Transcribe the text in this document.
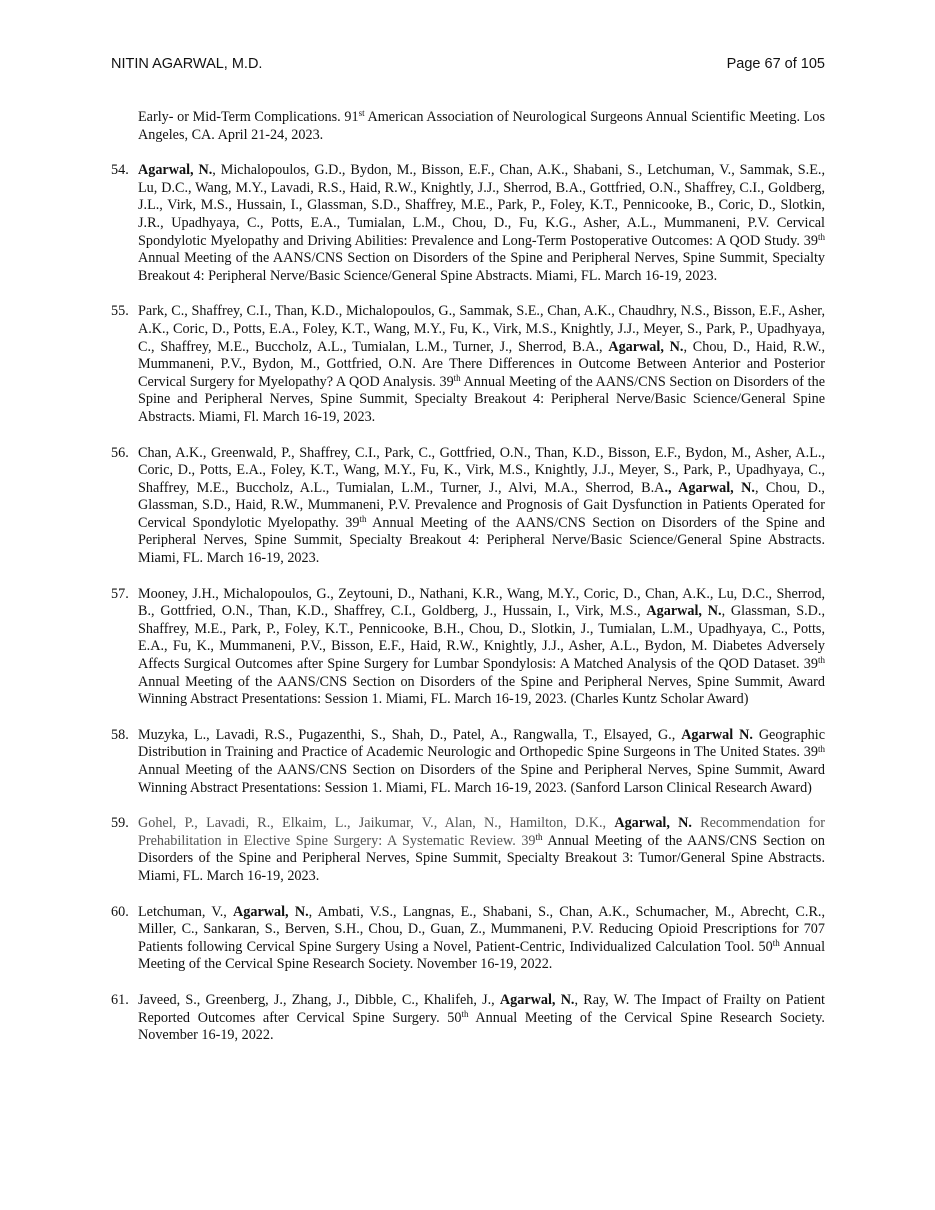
NITIN AGARWAL, M.D.	Page 67 of 105

Early- or Mid-Term Complications. 91st American Association of Neurological Surgeons Annual Scientific Meeting. Los Angeles, CA. April 21-24, 2023.

54. Agarwal, N., Michalopoulos, G.D., Bydon, M., Bisson, E.F., Chan, A.K., Shabani, S., Letchuman, V., Sammak, S.E., Lu, D.C., Wang, M.Y., Lavadi, R.S., Haid, R.W., Knightly, J.J., Sherrod, B.A., Gottfried, O.N., Shaffrey, C.I., Goldberg, J.L., Virk, M.S., Hussain, I., Glassman, S.D., Shaffrey, M.E., Park, P., Foley, K.T., Pennicooke, B., Coric, D., Slotkin, J.R., Upadhyaya, C., Potts, E.A., Tumialan, L.M., Chou, D., Fu, K.G., Asher, A.L., Mummaneni, P.V. Cervical Spondylotic Myelopathy and Driving Abilities: Prevalence and Long-Term Postoperative Outcomes: A QOD Study. 39th Annual Meeting of the AANS/CNS Section on Disorders of the Spine and Peripheral Nerves, Spine Summit, Specialty Breakout 4: Peripheral Nerve/Basic Science/General Spine Abstracts. Miami, FL. March 16-19, 2023.
55. Park, C., Shaffrey, C.I., Than, K.D., Michalopoulos, G., Sammak, S.E., Chan, A.K., Chaudhry, N.S., Bisson, E.F., Asher, A.K., Coric, D., Potts, E.A., Foley, K.T., Wang, M.Y., Fu, K., Virk, M.S., Knightly, J.J., Meyer, S., Park, P., Upadhyaya, C., Shaffrey, M.E., Buccholz, A.L., Tumialan, L.M., Turner, J., Sherrod, B.A., Agarwal, N., Chou, D., Haid, R.W., Mummaneni, P.V., Bydon, M., Gottfried, O.N. Are There Differences in Outcome Between Anterior and Posterior Cervical Surgery for Myelopathy? A QOD Analysis. 39th Annual Meeting of the AANS/CNS Section on Disorders of the Spine and Peripheral Nerves, Spine Summit, Specialty Breakout 4: Peripheral Nerve/Basic Science/General Spine Abstracts. Miami, Fl. March 16-19, 2023.
56. Chan, A.K., Greenwald, P., Shaffrey, C.I., Park, C., Gottfried, O.N., Than, K.D., Bisson, E.F., Bydon, M., Asher, A.L., Coric, D., Potts, E.A., Foley, K.T., Wang, M.Y., Fu, K., Virk, M.S., Knightly, J.J., Meyer, S., Park, P., Upadhyaya, C., Shaffrey, M.E., Buccholz, A.L., Tumialan, L.M., Turner, J., Alvi, M.A., Sherrod, B.A., Agarwal, N., Chou, D., Glassman, S.D., Haid, R.W., Mummaneni, P.V. Prevalence and Prognosis of Gait Dysfunction in Patients Operated for Cervical Spondylotic Myelopathy. 39th Annual Meeting of the AANS/CNS Section on Disorders of the Spine and Peripheral Nerves, Spine Summit, Specialty Breakout 4: Peripheral Nerve/Basic Science/General Spine Abstracts. Miami, FL. March 16-19, 2023.
57. Mooney, J.H., Michalopoulos, G., Zeytouni, D., Nathani, K.R., Wang, M.Y., Coric, D., Chan, A.K., Lu, D.C., Sherrod, B., Gottfried, O.N., Than, K.D., Shaffrey, C.I., Goldberg, J., Hussain, I., Virk, M.S., Agarwal, N., Glassman, S.D., Shaffrey, M.E., Park, P., Foley, K.T., Pennicooke, B.H., Chou, D., Slotkin, J., Tumialan, L.M., Upadhyaya, C., Potts, E.A., Fu, K., Mummaneni, P.V., Bisson, E.F., Haid, R.W., Knightly, J.J., Asher, A.L., Bydon, M. Diabetes Adversely Affects Surgical Outcomes after Spine Surgery for Lumbar Spondylosis: A Matched Analysis of the QOD Dataset. 39th Annual Meeting of the AANS/CNS Section on Disorders of the Spine and Peripheral Nerves, Spine Summit, Award Winning Abstract Presentations: Session 1. Miami, FL. March 16-19, 2023. (Charles Kuntz Scholar Award)
58. Muzyka, L., Lavadi, R.S., Pugazenthi, S., Shah, D., Patel, A., Rangwalla, T., Elsayed, G., Agarwal N. Geographic Distribution in Training and Practice of Academic Neurologic and Orthopedic Spine Surgeons in The United States. 39th Annual Meeting of the AANS/CNS Section on Disorders of the Spine and Peripheral Nerves, Spine Summit, Award Winning Abstract Presentations: Session 1. Miami, FL. March 16-19, 2023. (Sanford Larson Clinical Research Award)
59. Gohel, P., Lavadi, R., Elkaim, L., Jaikumar, V., Alan, N., Hamilton, D.K., Agarwal, N. Recommendation for Prehabilitation in Elective Spine Surgery: A Systematic Review. 39th Annual Meeting of the AANS/CNS Section on Disorders of the Spine and Peripheral Nerves, Spine Summit, Specialty Breakout 3: Tumor/General Spine Abstracts. Miami, FL. March 16-19, 2023.
60. Letchuman, V., Agarwal, N., Ambati, V.S., Langnas, E., Shabani, S., Chan, A.K., Schumacher, M., Abrecht, C.R., Miller, C., Sankaran, S., Berven, S.H., Chou, D., Guan, Z., Mummaneni, P.V. Reducing Opioid Prescriptions for 707 Patients following Cervical Spine Surgery Using a Novel, Patient-Centric, Individualized Calculation Tool. 50th Annual Meeting of the Cervical Spine Research Society. November 16-19, 2022.
61. Javeed, S., Greenberg, J., Zhang, J., Dibble, C., Khalifeh, J., Agarwal, N., Ray, W. The Impact of Frailty on Patient Reported Outcomes after Cervical Spine Surgery. 50th Annual Meeting of the Cervical Spine Research Society. November 16-19, 2022.
